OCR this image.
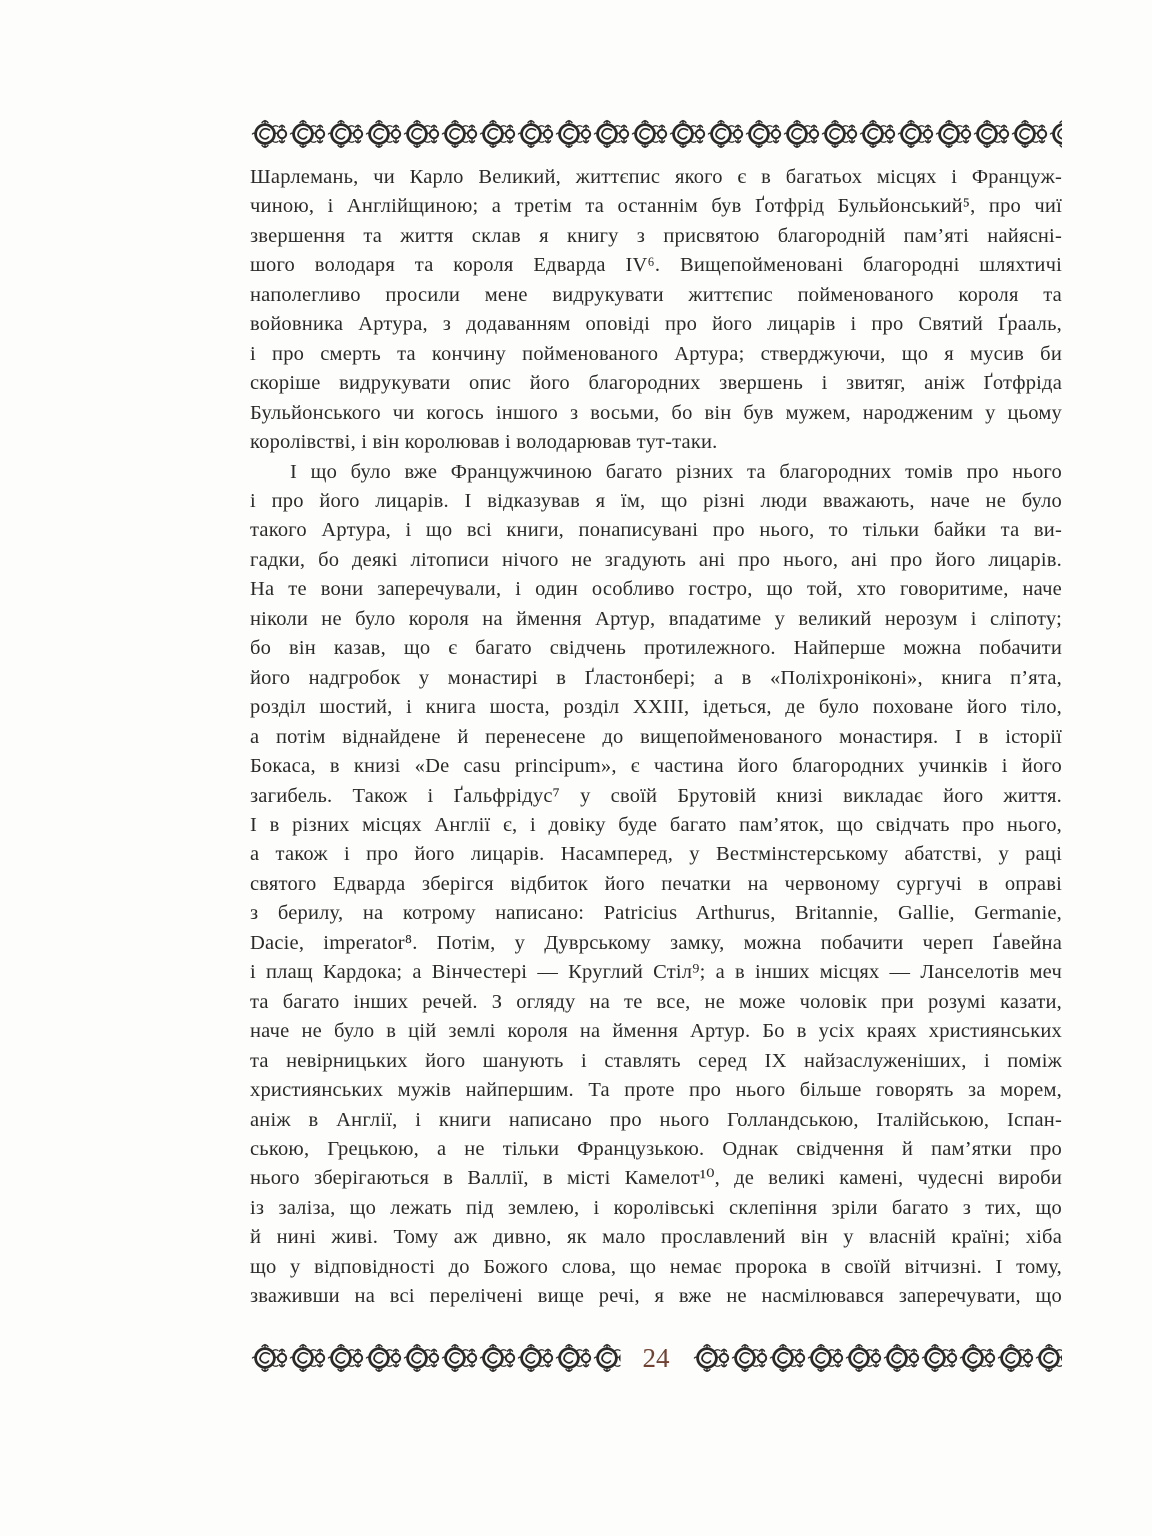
Шарлемань, чи Карло Великий, життєпис якого є в багатьох місцях і Француж-
чиною, і Англійщиною; а третім та останнім був Ґотфрід Бульйонський⁵, про чиї
звершення та життя склав я книгу з присвятою благородній пам’яті найясні-
шого володаря та короля Едварда IV⁶. Вищепойменовані благородні шляхтичі
наполегливо просили мене видрукувати життєпис пойменованого короля та
войовника Артура, з додаванням оповіді про його лицарів і про Святий Ґрааль,
і про смерть та кончину пойменованого Артура; стверджуючи, що я мусив би
скоріше видрукувати опис його благородних звершень і звитяг, аніж Ґотфріда
Бульйонського чи когось іншого з восьми, бо він був мужем, народженим у цьому
королівстві, і він королював і володарював тут-таки.
І що було вже Францужчиною багато різних та благородних томів про нього
і про його лицарів. І відказував я їм, що різні люди вважають, наче не було
такого Артура, і що всі книги, понаписувані про нього, то тільки байки та ви-
гадки, бо деякі літописи нічого не згадують ані про нього, ані про його лицарів.
На те вони заперечували, і один особливо гостро, що той, хто говоритиме, наче
ніколи не було короля на ймення Артур, впадатиме у великий нерозум і сліпоту;
бо він казав, що є багато свідчень протилежного. Найперше можна побачити
його надгробок у монастирі в Ґластонбері; а в «Поліхроніконі», книга п’ята,
розділ шостий, і книга шоста, розділ XXIII, ідеться, де було поховане його тіло,
а потім віднайдене й перенесене до вищепойменованого монастиря. І в історії
Бокаса, в книзі «De casu principum», є частина його благородних учинків і його
загибель. Також і Ґальфрідус⁷ у своїй Брутовій книзі викладає його життя.
І в різних місцях Англії є, і довіку буде багато пам’яток, що свідчать про нього,
а також і про його лицарів. Насамперед, у Вестмінстерському абатстві, у раці
святого Едварда зберігся відбиток його печатки на червоному сургучі в оправі
з берилу, на котрому написано: Patricius Arthurus, Britannie, Gallie, Germanie,
Dacie, imperator⁸. Потім, у Дуврському замку, можна побачити череп Ґавейна
і плащ Кардока; а Вінчестері — Круглий Стіл⁹; а в інших місцях — Ланселотів меч
та багато інших речей. З огляду на те все, не може чоловік при розумі казати,
наче не було в цій землі короля на ймення Артур. Бо в усіх краях християнських
та невірницьких його шанують і ставлять серед IX найзаслуженіших, і поміж
християнських мужів найпершим. Та проте про нього більше говорять за морем,
аніж в Англії, і книги написано про нього Голландською, Італійською, Іспан-
ською, Грецькою, а не тільки Французькою. Однак свідчення й пам’ятки про
нього зберігаються в Валлії, в місті Камелот¹⁰, де великі камені, чудесні вироби
із заліза, що лежать під землею, і королівські склепіння зріли багато з тих, що
й нині живі. Тому аж дивно, як мало прославлений він у власній країні; хіба
що у відповідності до Божого слова, що немає пророка в своїй вітчизні. І тому,
зваживши на всі перелічені вище речі, я вже не насмілювався заперечувати, що
24
